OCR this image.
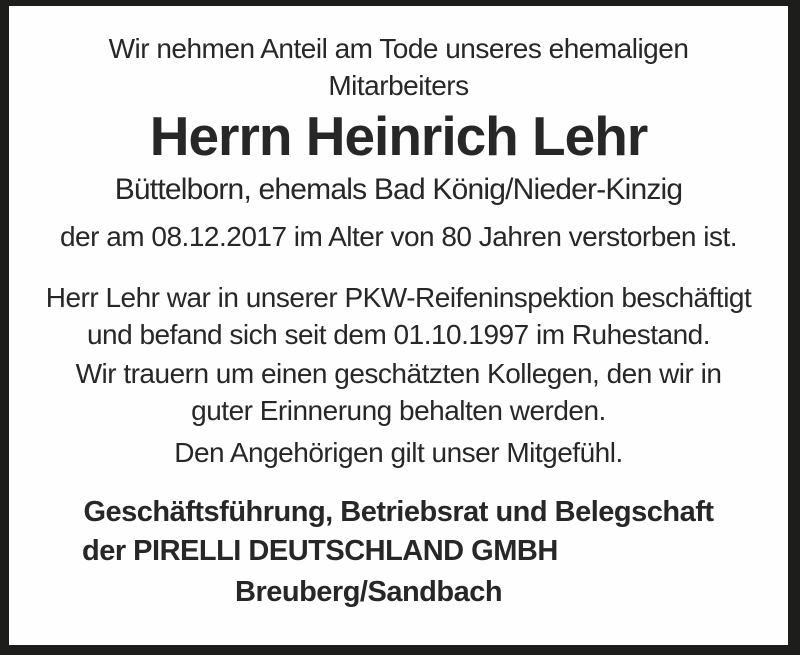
Wir nehmen Anteil am Tode unseres ehemaligen

Mitarbeiters

Herrn Heinrich Lehr

Büttelborn, ehemals Bad König/Nieder-Kinzig

der am 08.12.2017 im Alter von 80 Jahren verstorben ist.

Herr Lehr war in unserer PKW-Reifeninspektion beschäftigt

und befand sich seit dem 01.10.1997 im Ruhestand.

Wir trauern um einen geschätzten Kollegen, den wir in

guter Erinnerung behalten werden.

Den Angehörigen gilt unser Mitgefühl.

Geschäftsführung, Betriebsrat und Belegschaft

der PIRELLI DEUTSCHLAND GMBH

Breuberg/Sandbach
